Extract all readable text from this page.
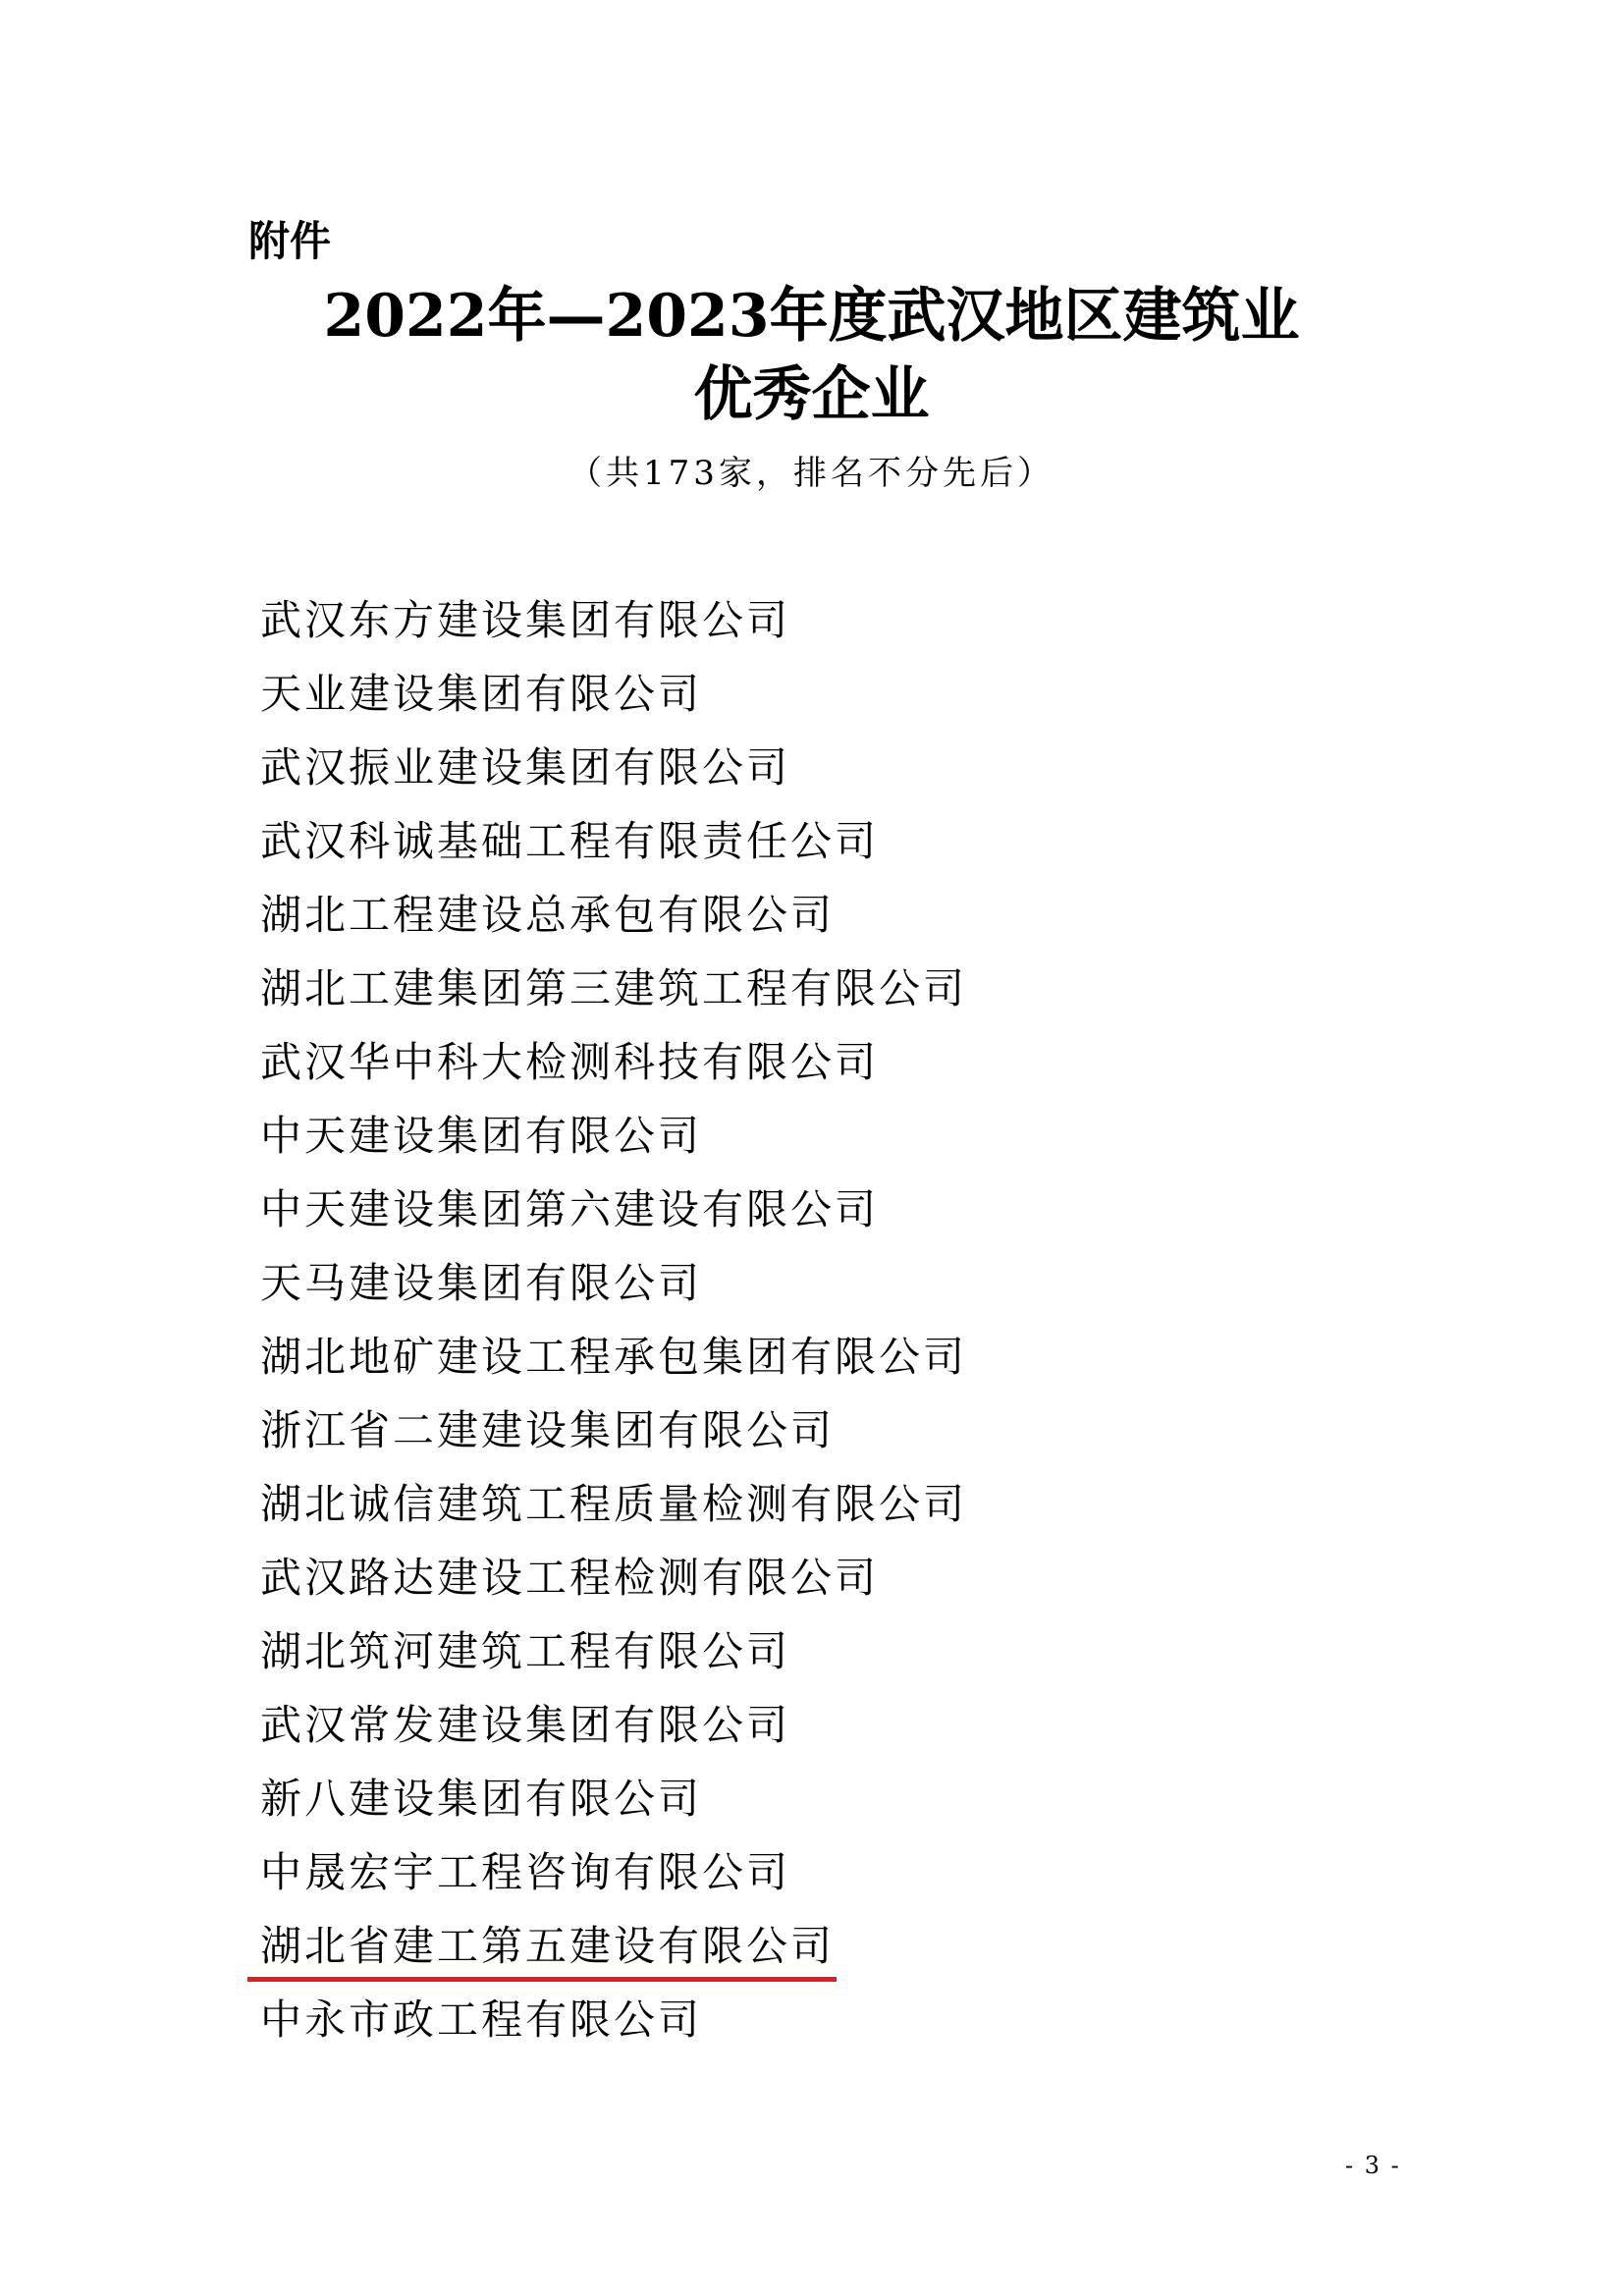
附件
2022年—2023年度武汉地区建筑业
优秀企业
（共173家，排名不分先后）
武汉东方建设集团有限公司
天业建设集团有限公司
武汉振业建设集团有限公司
武汉科诚基础工程有限责任公司
湖北工程建设总承包有限公司
湖北工建集团第三建筑工程有限公司
武汉华中科大检测科技有限公司
中天建设集团有限公司
中天建设集团第六建设有限公司
天马建设集团有限公司
湖北地矿建设工程承包集团有限公司
浙江省二建建设集团有限公司
湖北诚信建筑工程质量检测有限公司
武汉路达建设工程检测有限公司
湖北筑河建筑工程有限公司
武汉常发建设集团有限公司
新八建设集团有限公司
中晟宏宇工程咨询有限公司
湖北省建工第五建设有限公司
中永市政工程有限公司
- 3 -
